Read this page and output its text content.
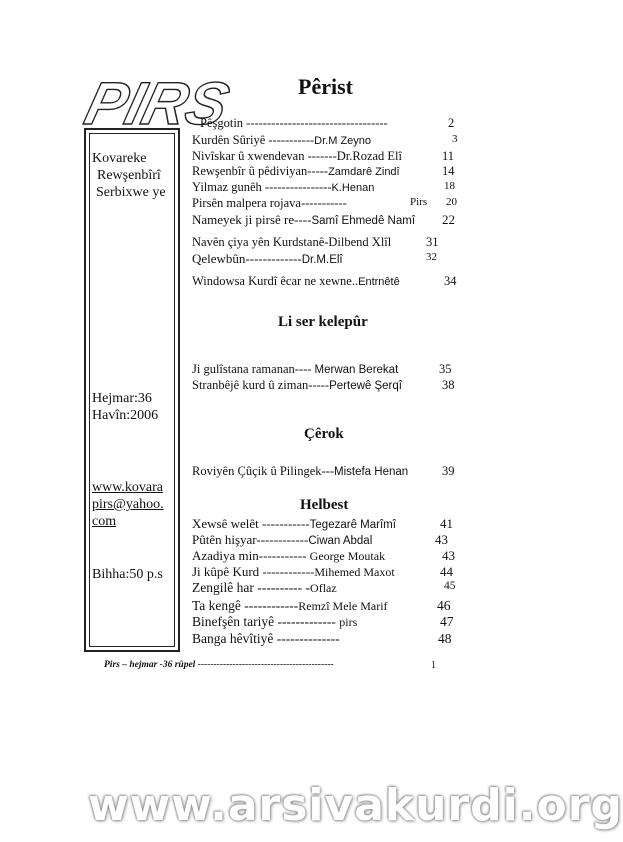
PIRS
Kovareke
Rewşenbîrî
Serbixwe ye
Hejmar:36
Havîn:2006
www.kovara
pirs@yahoo.
com
Bihha:50 p.s
Pêrist
Pêşgotin ----------------------------------	2
Kurdên Sûriyê -----------Dr.M Zeyno	3
Nivîskar û xwendevan -------Dr.Rozad Elî	11
Rewşenbîr û pêdiviyan-----Zamdarê Zindî	14
Yilmaz gunêh ----------------K.Henan	18
Pirsên malpera rojava-----------	Pirs 20
Nameyek ji pirsê re----Samî Ehmedê Namî 22
Navên çiya yên Kurdstanê-Dilbend Xlîl	31
Qelewbûn-------------Dr.M.Elî	32
Windowsa Kurdî êcar ne xewne..Entrnêtê	34
Li ser kelepûr
Ji gulîstana ramanan---- Merwan Berekat	35
Stranbêjê kurd û ziman-----Pertewê Şerqî	38
Çêrok
Roviyên Çûçik û Pilingek---Mistefa Henan	39
Helbest
Xewsê welêt -----------Tegezarê Marîmî	41
Pûtên hişyar------------Ciwan Abdal	43
Azadiya min----------- George Moutak	43
Ji kûpê Kurd ------------Mihemed Maxot	44
Zengilê har ---------- -Oflaz	45
Ta kengê ------------Remzî Mele Marif	46
Binefşên tariyê ------------- pirs	47
Banga hêvîtiyê --------------	48
Pirs – hejmar -36 rûpel -------------------------------------------	1
www.arsivakurdi.org
